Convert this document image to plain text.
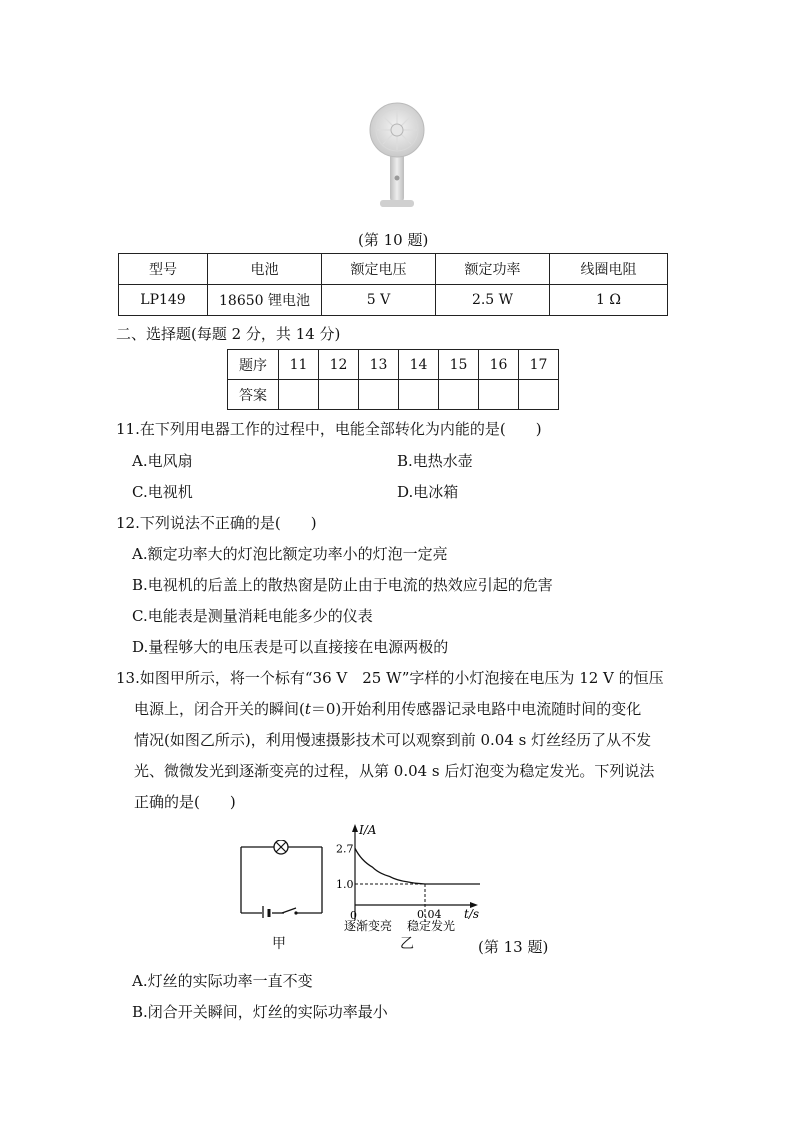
(第 10 题)
型号	电池	额定电压	额定功率	线圈电阻
LP149	18650 锂电池	5 V	2.5 W	1 Ω
二、选择题(每题 2 分，共 14 分)
题序	11	12	13	14	15	16	17
答案							
11.在下列用电器工作的过程中，电能全部转化为内能的是(　　)
A.电风扇	B.电热水壶
C.电视机	D.电冰箱
12.下列说法不正确的是(　　)
A.额定功率大的灯泡比额定功率小的灯泡一定亮
B.电视机的后盖上的散热窗是防止由于电流的热效应引起的危害
C.电能表是测量消耗电能多少的仪表
D.量程够大的电压表是可以直接接在电源两极的
13.如图甲所示，将一个标有“36 V　25 W”字样的小灯泡接在电压为 12 V 的恒压
电源上，闭合开关的瞬间(t＝0)开始利用传感器记录电路中电流随时间的变化
情况(如图乙所示)，利用慢速摄影技术可以观察到前 0.04 s 灯丝经历了从不发
光、微微发光到逐渐变亮的过程，从第 0.04 s 后灯泡变为稳定发光。下列说法
正确的是(　　)
甲
I/A
t/s
2.7
1.0
0	0.04
逐渐变亮 稳定发光
乙	(第 13 题)
A.灯丝的实际功率一直不变
B.闭合开关瞬间，灯丝的实际功率最小
